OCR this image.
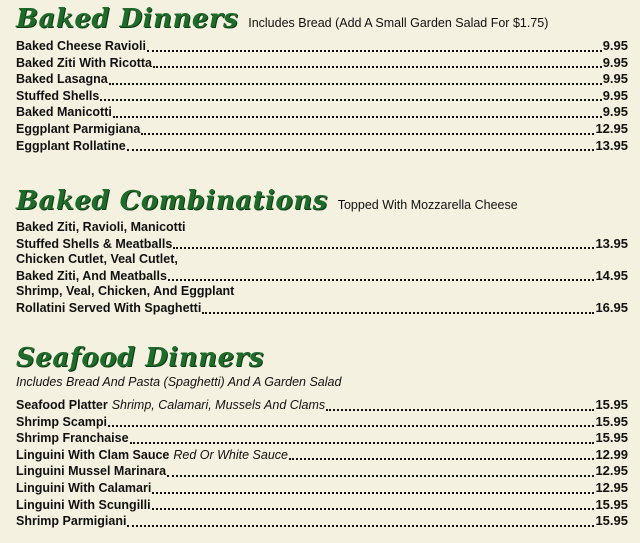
Baked Dinners Includes Bread (Add A Small Garden Salad For $1.75)
Baked Cheese Ravioli	9.95
Baked Ziti With Ricotta	9.95
Baked Lasagna	9.95
Stuffed Shells	9.95
Baked Manicotti	9.95
Eggplant Parmigiana	12.95
Eggplant Rollatine	13.95
Baked Combinations Topped With Mozzarella Cheese
Baked Ziti, Ravioli, Manicotti
Stuffed Shells & Meatballs	13.95
Chicken Cutlet, Veal Cutlet,
Baked Ziti, And Meatballs	14.95
Shrimp, Veal, Chicken, And Eggplant
Rollatini Served With Spaghetti	16.95
Seafood Dinners
Includes Bread And Pasta (Spaghetti) And A Garden Salad
Seafood Platter Shrimp, Calamari, Mussels And Clams	15.95
Shrimp Scampi	15.95
Shrimp Franchaise	15.95
Linguini With Clam Sauce Red Or White Sauce	12.99
Linguini Mussel Marinara	12.95
Linguini With Calamari	12.95
Linguini With Scungilli	15.95
Shrimp Parmigiani	15.95
